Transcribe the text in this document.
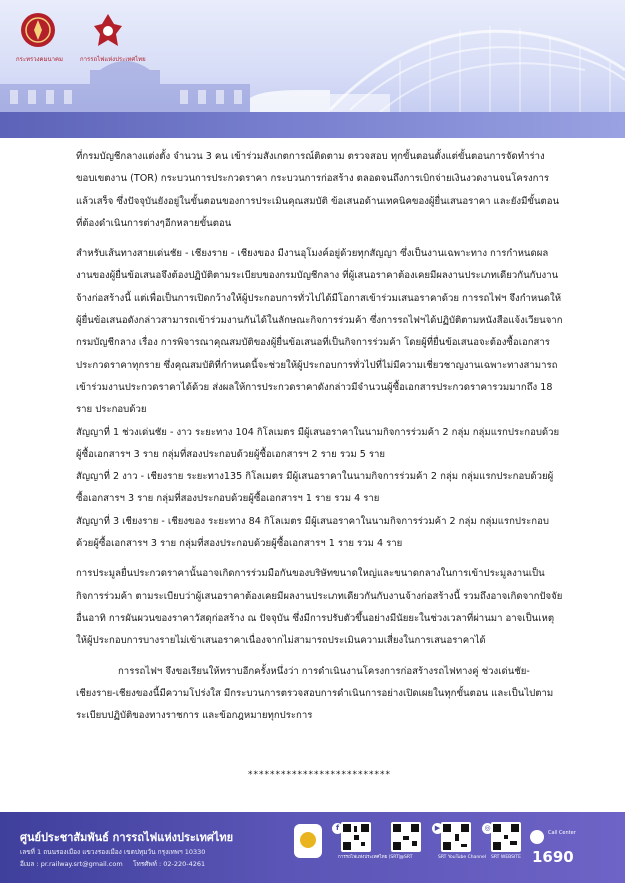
กระทรวงคมนาคม	การรถไฟแห่งประเทศไทย

ที่กรมบัญชีกลางแต่งตั้ง จำนวน 3 คน เข้าร่วมสังเกตการณ์ติดตาม ตรวจสอบ ทุกขั้นตอนตั้งแต่ขั้นตอนการจัดทำร่างขอบเขตงาน (TOR) กระบวนการประกวดราคา กระบวนการก่อสร้าง ตลอดจนถึงการเบิกจ่ายเงินงวดงานจนโครงการแล้วเสร็จ ซึ่งปัจจุบันยังอยู่ในขั้นตอนของการประเมินคุณสมบัติ ข้อเสนอด้านเทคนิคของผู้ยื่นเสนอราคา และยังมีขั้นตอนที่ต้องดำเนินการต่างๆอีกหลายขั้นตอน

สำหรับเส้นทางสายเด่นชัย - เชียงราย - เชียงของ มีงานอุโมงค์อยู่ด้วยทุกสัญญา ซึ่งเป็นงานเฉพาะทาง การกำหนดผลงานของผู้ยื่นข้อเสนอจึงต้องปฏิบัติตามระเบียบของกรมบัญชีกลาง ที่ผู้เสนอราคาต้องเคยมีผลงานประเภทเดียวกันกับงานจ้างก่อสร้างนี้ แต่เพื่อเป็นการเปิดกว้างให้ผู้ประกอบการทั่วไปได้มีโอกาสเข้าร่วมเสนอราคาด้วย การรถไฟฯ จึงกำหนดให้ผู้ยื่นข้อเสนอดังกล่าวสามารถเข้าร่วมงานกันได้ในลักษณะกิจการร่วมค้า ซึ่งการรถไฟฯได้ปฏิบัติตามหนังสือแจ้งเวียนจากกรมบัญชีกลาง เรื่อง การพิจารณาคุณสมบัติของผู้ยื่นข้อเสนอที่เป็นกิจการร่วมค้า โดยผู้ที่ยื่นข้อเสนอจะต้องซื้อเอกสารประกวดราคาทุกราย ซึ่งคุณสมบัติที่กำหนดนี้จะช่วยให้ผู้ประกอบการทั่วไปที่ไม่มีความเชี่ยวชาญงานเฉพาะทางสามารถเข้าร่วมงานประกวดราคาได้ด้วย ส่งผลให้การประกวดราคาดังกล่าวมีจำนวนผู้ซื้อเอกสารประกวดราคารวมมากถึง 18 ราย ประกอบด้วย

สัญญาที่ 1 ช่วงเด่นชัย - งาว ระยะทาง 104 กิโลเมตร มีผู้เสนอราคาในนามกิจการร่วมค้า 2 กลุ่ม กลุ่มแรกประกอบด้วยผู้ซื้อเอกสารฯ 3 ราย กลุ่มที่สองประกอบด้วยผู้ซื้อเอกสารฯ 2 ราย รวม 5 ราย

สัญญาที่ 2 งาว - เชียงราย ระยะทาง135 กิโลเมตร มีผู้เสนอราคาในนามกิจการร่วมค้า 2 กลุ่ม กลุ่มแรกประกอบด้วยผู้ซื้อเอกสารฯ 3 ราย กลุ่มที่สองประกอบด้วยผู้ซื้อเอกสารฯ 1 ราย รวม 4 ราย

สัญญาที่ 3 เชียงราย - เชียงของ ระยะทาง 84 กิโลเมตร มีผู้เสนอราคาในนามกิจการร่วมค้า 2 กลุ่ม กลุ่มแรกประกอบด้วยผู้ซื้อเอกสารฯ 3 ราย กลุ่มที่สองประกอบด้วยผู้ซื้อเอกสารฯ 1 ราย รวม 4 ราย

การประมูลยื่นประกวดราคานั้นอาจเกิดการร่วมมือกันของบริษัทขนาดใหญ่และขนาดกลางในการเข้าประมูลงานเป็นกิจการร่วมค้า ตามระเบียบว่าผู้เสนอราคาต้องเคยมีผลงานประเภทเดียวกันกับงานจ้างก่อสร้างนี้ รวมถึงอาจเกิดจากปัจจัยอื่นอาทิ การผันผวนของราคาวัสดุก่อสร้าง ณ ปัจจุบัน ซึ่งมีการปรับตัวขึ้นอย่างมีนัยยะในช่วงเวลาที่ผ่านมา อาจเป็นเหตุให้ผู้ประกอบการบางรายไม่เข้าเสนอราคาเนื่องจากไม่สามารถประเมินความเสี่ยงในการเสนอราคาได้

การรถไฟฯ จึงขอเรียนให้ทราบอีกครั้งหนึ่งว่า การดำเนินงานโครงการก่อสร้างรถไฟทางคู่ ช่วงเด่นชัย-เชียงราย-เชียงของนี้มีความโปร่งใส มีกระบวนการตรวจสอบการดำเนินการอย่างเปิดเผยในทุกขั้นตอน และเป็นไปตามระเบียบปฏิบัติของทางราชการ และข้อกฎหมายทุกประการ

**************************
ศูนย์ประชาสัมพันธ์ การรถไฟแห่งประเทศไทย
เลขที่ 1 ถนนรองเมือง แขวงรองเมือง เขตปทุมวัน กรุงเทพฯ 10330
อีเมล : pr.railway.srt@gmail.com โทรศัพท์ : 02-220-4261
f
การรถไฟแห่งประเทศไทย (SRT)
@SRT
▶
SRT YouTube Channel
◎
SRT WEBSITE
Call Center
1690
